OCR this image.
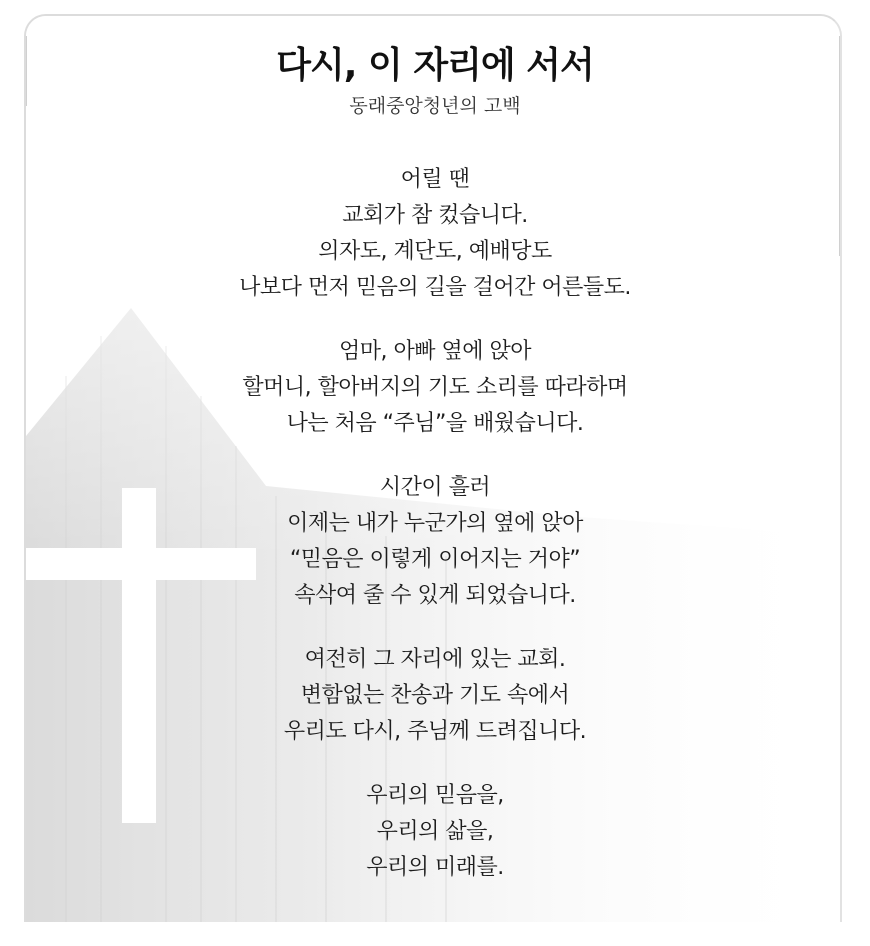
다시, 이 자리에 서서

동래중앙청년의 고백

어릴 땐
교회가 참 컸습니다.
의자도, 계단도, 예배당도
나보다 먼저 믿음의 길을 걸어간 어른들도.
엄마, 아빠 옆에 앉아
할머니, 할아버지의 기도 소리를 따라하며
나는 처음 “주님”을 배웠습니다.
시간이 흘러
이제는 내가 누군가의 옆에 앉아
“믿음은 이렇게 이어지는 거야”
속삭여 줄 수 있게 되었습니다.
여전히 그 자리에 있는 교회.
변함없는 찬송과 기도 속에서
우리도 다시, 주님께 드려집니다.
우리의 믿음을,
우리의 삶을,
우리의 미래를.
